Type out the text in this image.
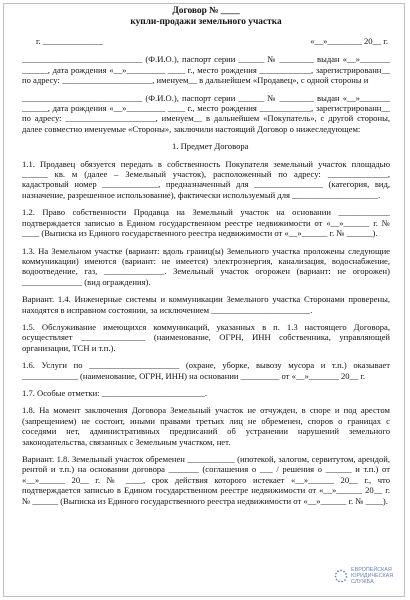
Договор № ____
купли-продажи земельного участка
г. ______________	«__»________ 20__ г.

____________________________ (Ф.И.О.), паспорт серии ______ № ________ выдан «__»_______ ______, дата рождения «__»_________ ____ г., место рождения ____________, зарегистрированн__ по адресу: _____________________, именуем__ в дальнейшем «Продавец», с одной стороны и

____________________________ (Ф.И.О.), паспорт серии ______ № ________ выдан «__»_______ ______, дата рождения «__»_________ ____ г., место рождения ____________, зарегистрированн__ по адресу: _____________________, именуем__ в дальнейшем «Покупатель», с другой стороны, далее совместно именуемые «Стороны», заключили настоящий Договор о нижеследующем:

1. Предмет Договора

1.1. Продавец обязуется передать в собственность Покупателя земельный участок площадью ______ кв. м (далее – Земельный участок), расположенный по адресу: ______________, кадастровый номер _____________, предназначенный для ________________ (категория, вид, назначение, разрешенное использование), фактически используемый для ____________________.

1.2. Право собственности Продавца на Земельный участок на основании ____________ подтверждается записью в Едином государственном реестре недвижимости от «__»______ г. № ____ (Выписка из Единого государственного реестра недвижимости от «__»______ г. № ______).

1.3. На Земельном участке (вариант: вдоль границ(ы) Земельного участка проложены следующие коммуникации) имеются (вариант: не имеется) электроэнергия, канализация, водоснабжение, водоотведение, газ, ______________. Земельный участок огорожен (вариант: не огорожен) ______________ (вид ограждения).

Вариант. 1.4. Инженерные системы и коммуникации Земельного участка Сторонами проверены, находятся в исправном состоянии, за исключением _______________________.

1.5. Обслуживание имеющихся коммуникаций, указанных в п. 1.3 настоящего Договора, осуществляет _______________ (наименование, ОГРН, ИНН собственника, управляющей организации, ТСН и т.п.).

1.6. Услуги по _____________________ (охране, уборке, вывозу мусора и т.п.) оказывает _____________ (наименование, ОГРН, ИНН) на основании _________ от «__»_______ 20__ г.

1.7. Особые отметки: ________________________.

1.8. На момент заключения Договора Земельный участок не отчужден, в споре и под арестом (запрещением) не состоит, иными правами третьих лиц не обременен, споров о границах с соседями нет, административных предписаний об устранении нарушений земельного законодательства, связанных с Земельным участком, нет.

Вариант. 1.8. Земельный участок обременен ___________ (ипотекой, залогом, сервитутом, арендой, рентой и т.п.) на основании договора _______ (соглашения о ___ / решения о ______ и т.п.) от «__»______ 20__ г. № ____, срок действия которого истекает «__»______ 20__ г., что подтверждается записью в Едином государственном реестре недвижимости от «__»______ 20__ г. № ______ (Выписка из Единого государственного реестра недвижимости от «__»______ г. № ____).

ЕВРОПЕЙСКАЯ
ЮРИДИЧЕСКАЯ
СЛУЖБА
